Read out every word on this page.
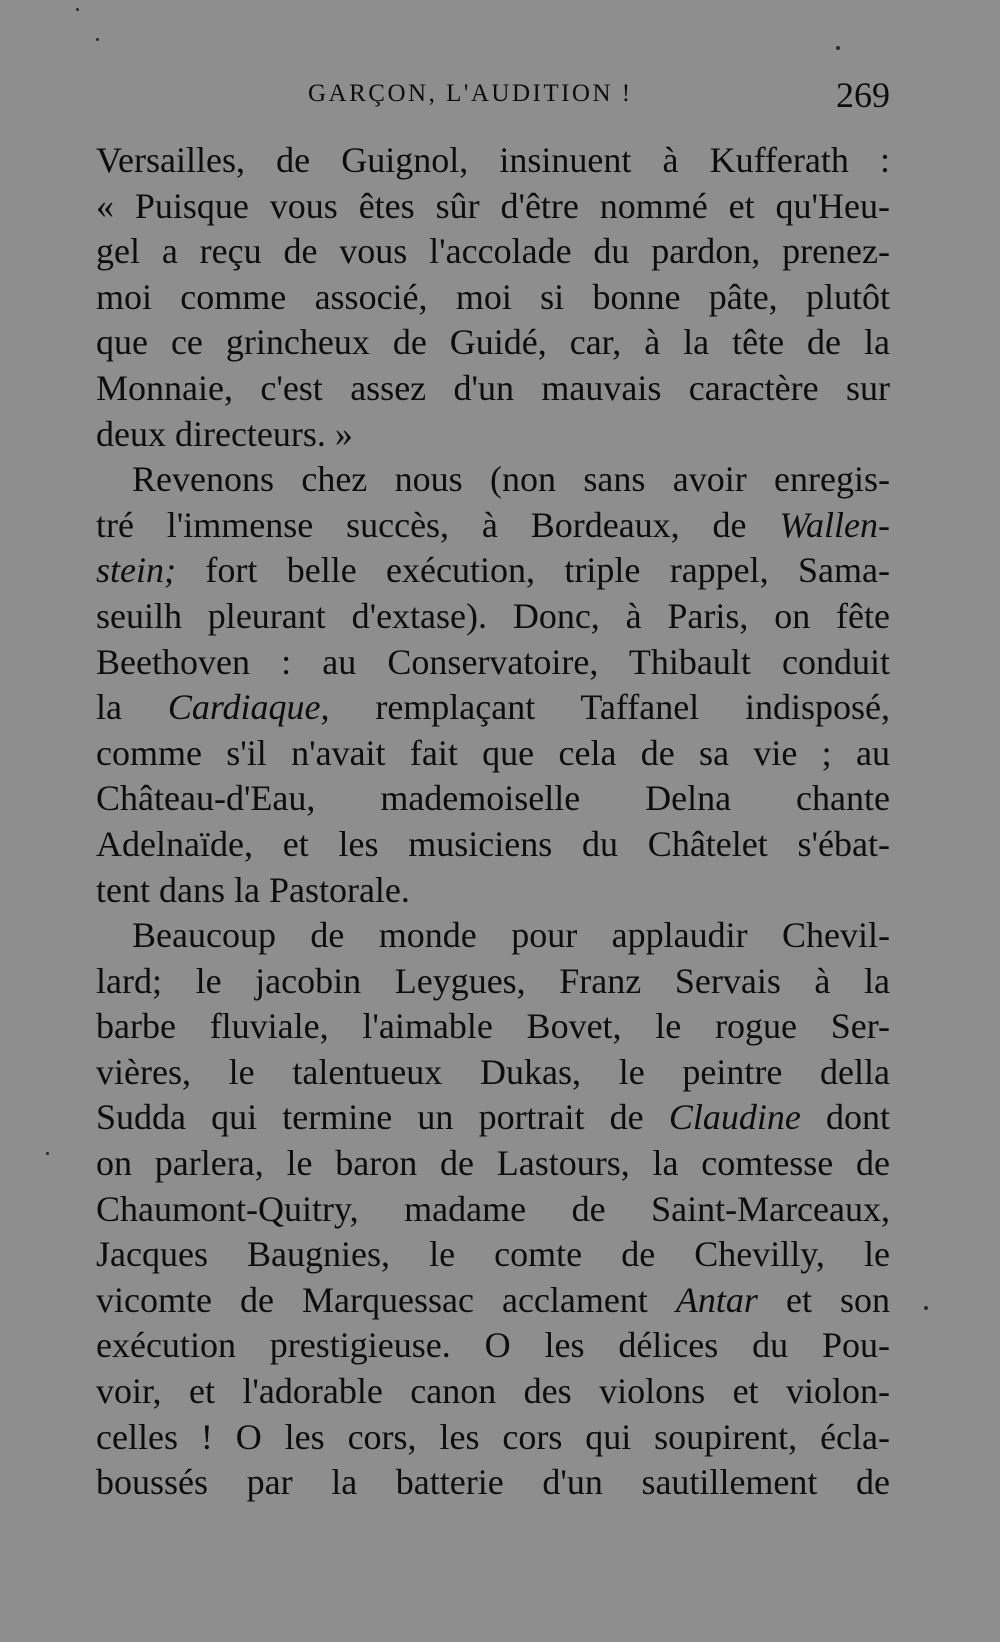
GARÇON, L'AUDITION !	269
Versailles, de Guignol, insinuent à Kufferath :
« Puisque vous êtes sûr d'être nommé et qu'Heu-
gel a reçu de vous l'accolade du pardon, prenez-
moi comme associé, moi si bonne pâte, plutôt
que ce grincheux de Guidé, car, à la tête de la
Monnaie, c'est assez d'un mauvais caractère sur
deux directeurs. »
Revenons chez nous (non sans avoir enregis-
tré l'immense succès, à Bordeaux, de Wallen-
stein; fort belle exécution, triple rappel, Sama-
seuilh pleurant d'extase). Donc, à Paris, on fête
Beethoven : au Conservatoire, Thibault conduit
la Cardiaque, remplaçant Taffanel indisposé,
comme s'il n'avait fait que cela de sa vie ; au
Château-d'Eau, mademoiselle Delna chante
Adelnaïde, et les musiciens du Châtelet s'ébat-
tent dans la Pastorale.
Beaucoup de monde pour applaudir Chevil-
lard; le jacobin Leygues, Franz Servais à la
barbe fluviale, l'aimable Bovet, le rogue Ser-
vières, le talentueux Dukas, le peintre della
Sudda qui termine un portrait de Claudine dont
on parlera, le baron de Lastours, la comtesse de
Chaumont-Quitry, madame de Saint-Marceaux,
Jacques Baugnies, le comte de Chevilly, le
vicomte de Marquessac acclament Antar et son
exécution prestigieuse. O les délices du Pou-
voir, et l'adorable canon des violons et violon-
celles ! O les cors, les cors qui soupirent, écla-
boussés par la batterie d'un sautillement de
